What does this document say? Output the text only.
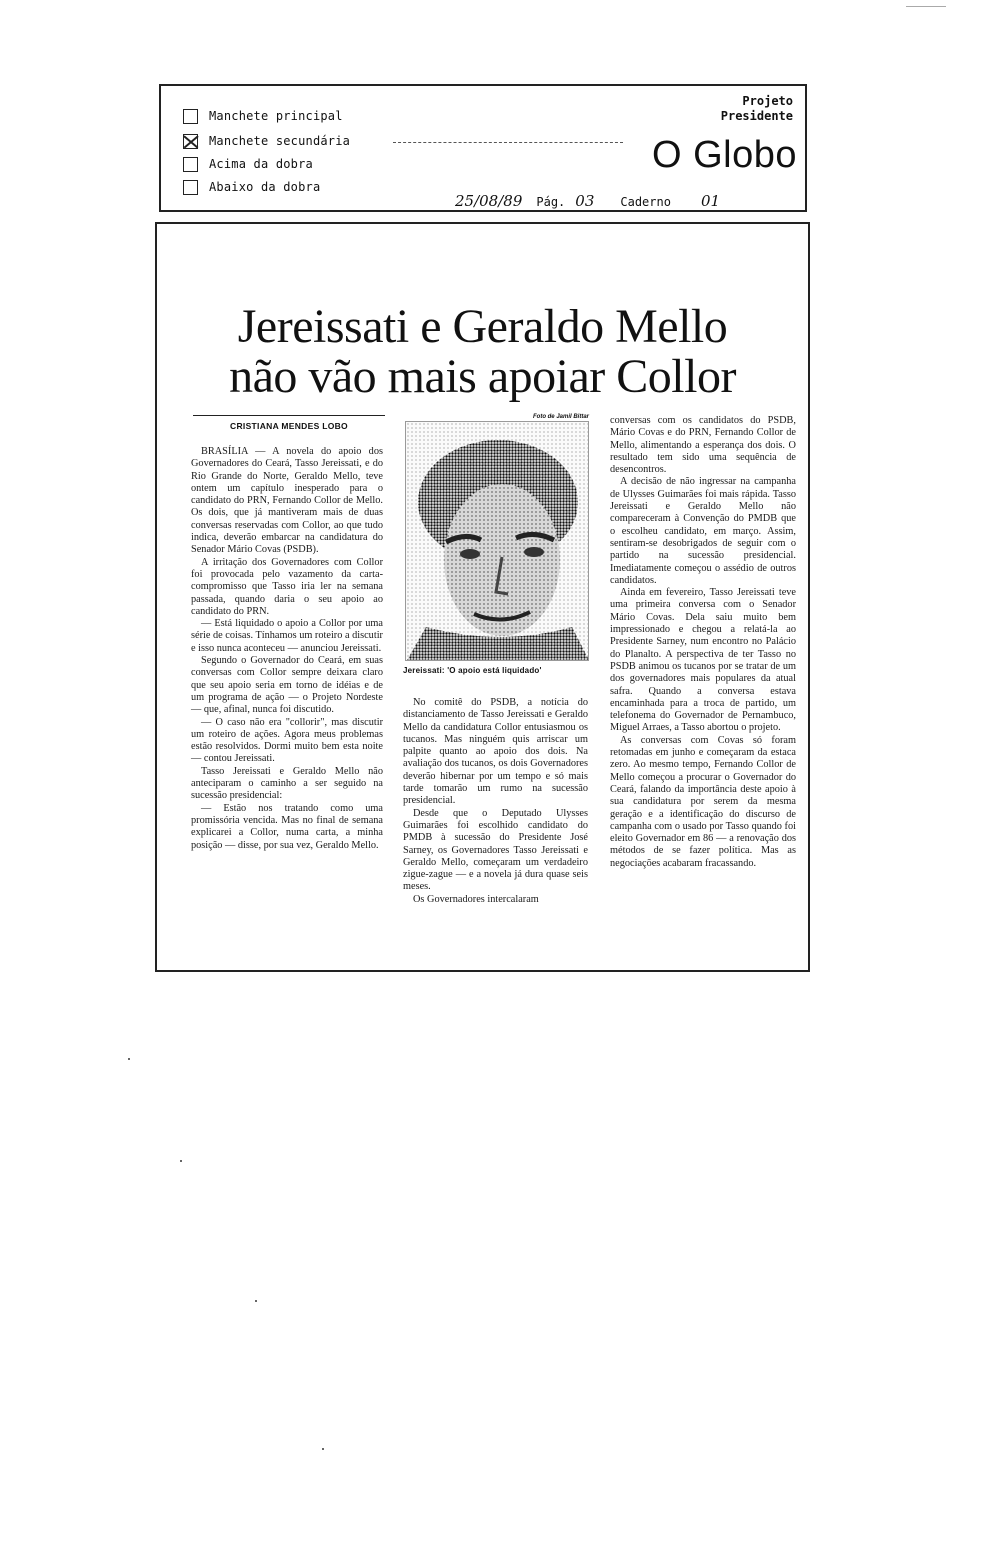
Manchete principal
Manchete secundária
Acima da dobra
Abaixo da dobra
Projeto
Presidente
O Globo
25/08/89	Pág. 03	Caderno	01
Jereissati e Geraldo Mello
não vão mais apoiar Collor
CRISTIANA MENDES LOBO

BRASÍLIA — A novela do apoio dos Governadores do Ceará, Tasso Jereissati, e do Rio Grande do Norte, Geraldo Mello, teve ontem um capítulo inesperado para o candidato do PRN, Fernando Collor de Mello. Os dois, que já mantiveram mais de duas conversas reservadas com Collor, ao que tudo indica, deverão embarcar na candidatura do Senador Mário Covas (PSDB).

A irritação dos Governadores com Collor foi provocada pelo vazamento da carta-compromisso que Tasso iria ler na semana passada, quando daria o seu apoio ao candidato do PRN.

— Está liquidado o apoio a Collor por uma série de coisas. Tínhamos um roteiro a discutir e isso nunca aconteceu — anunciou Jereissati.

Segundo o Governador do Ceará, em suas conversas com Collor sempre deixara claro que seu apoio seria em torno de idéias e de um programa de ação — o Projeto Nordeste — que, afinal, nunca foi discutido.

— O caso não era "collorir", mas discutir um roteiro de ações. Agora meus problemas estão resolvidos. Dormi muito bem esta noite — contou Jereissati.

Tasso Jereissati e Geraldo Mello não anteciparam o caminho a ser seguido na sucessão presidencial:

— Estão nos tratando como uma promissória vencida. Mas no final de semana explicarei a Collor, numa carta, a minha posição — disse, por sua vez, Geraldo Mello.

Foto de Jamil Bittar
Jereissati: 'O apoio está liquidado'

No comitê do PSDB, a notícia do distanciamento de Tasso Jereissati e Geraldo Mello da candidatura Collor entusiasmou os tucanos. Mas ninguém quis arriscar um palpite quanto ao apoio dos dois. Na avaliação dos tucanos, os dois Governadores deverão hibernar por um tempo e só mais tarde tomarão um rumo na sucessão presidencial.

Desde que o Deputado Ulysses Guimarães foi escolhido candidato do PMDB à sucessão do Presidente José Sarney, os Governadores Tasso Jereissati e Geraldo Mello, começaram um verdadeiro zigue-zague — e a novela já dura quase seis meses.

Os Governadores intercalaram

conversas com os candidatos do PSDB, Mário Covas e do PRN, Fernando Collor de Mello, alimentando a esperança dos dois. O resultado tem sido uma sequência de desencontros.

A decisão de não ingressar na campanha de Ulysses Guimarães foi mais rápida. Tasso Jereissati e Geraldo Mello não compareceram à Convenção do PMDB que o escolheu candidato, em março. Assim, sentiram-se desobrigados de seguir com o partido na sucessão presidencial. Imediatamente começou o assédio de outros candidatos.

Ainda em fevereiro, Tasso Jereissati teve uma primeira conversa com o Senador Mário Covas. Dela saiu muito bem impressionado e chegou a relatá-la ao Presidente Sarney, num encontro no Palácio do Planalto. A perspectiva de ter Tasso no PSDB animou os tucanos por se tratar de um dos governadores mais populares da atual safra. Quando a conversa estava encaminhada para a troca de partido, um telefonema do Governador de Pernambuco, Miguel Arraes, a Tasso abortou o projeto.

As conversas com Covas só foram retomadas em junho e começaram da estaca zero. Ao mesmo tempo, Fernando Collor de Mello começou a procurar o Governador do Ceará, falando da importância deste apoio à sua candidatura por serem da mesma geração e a identificação do discurso de campanha com o usado por Tasso quando foi eleito Governador em 86 — a renovação dos métodos de se fazer política. Mas as negociações acabaram fracassando.
